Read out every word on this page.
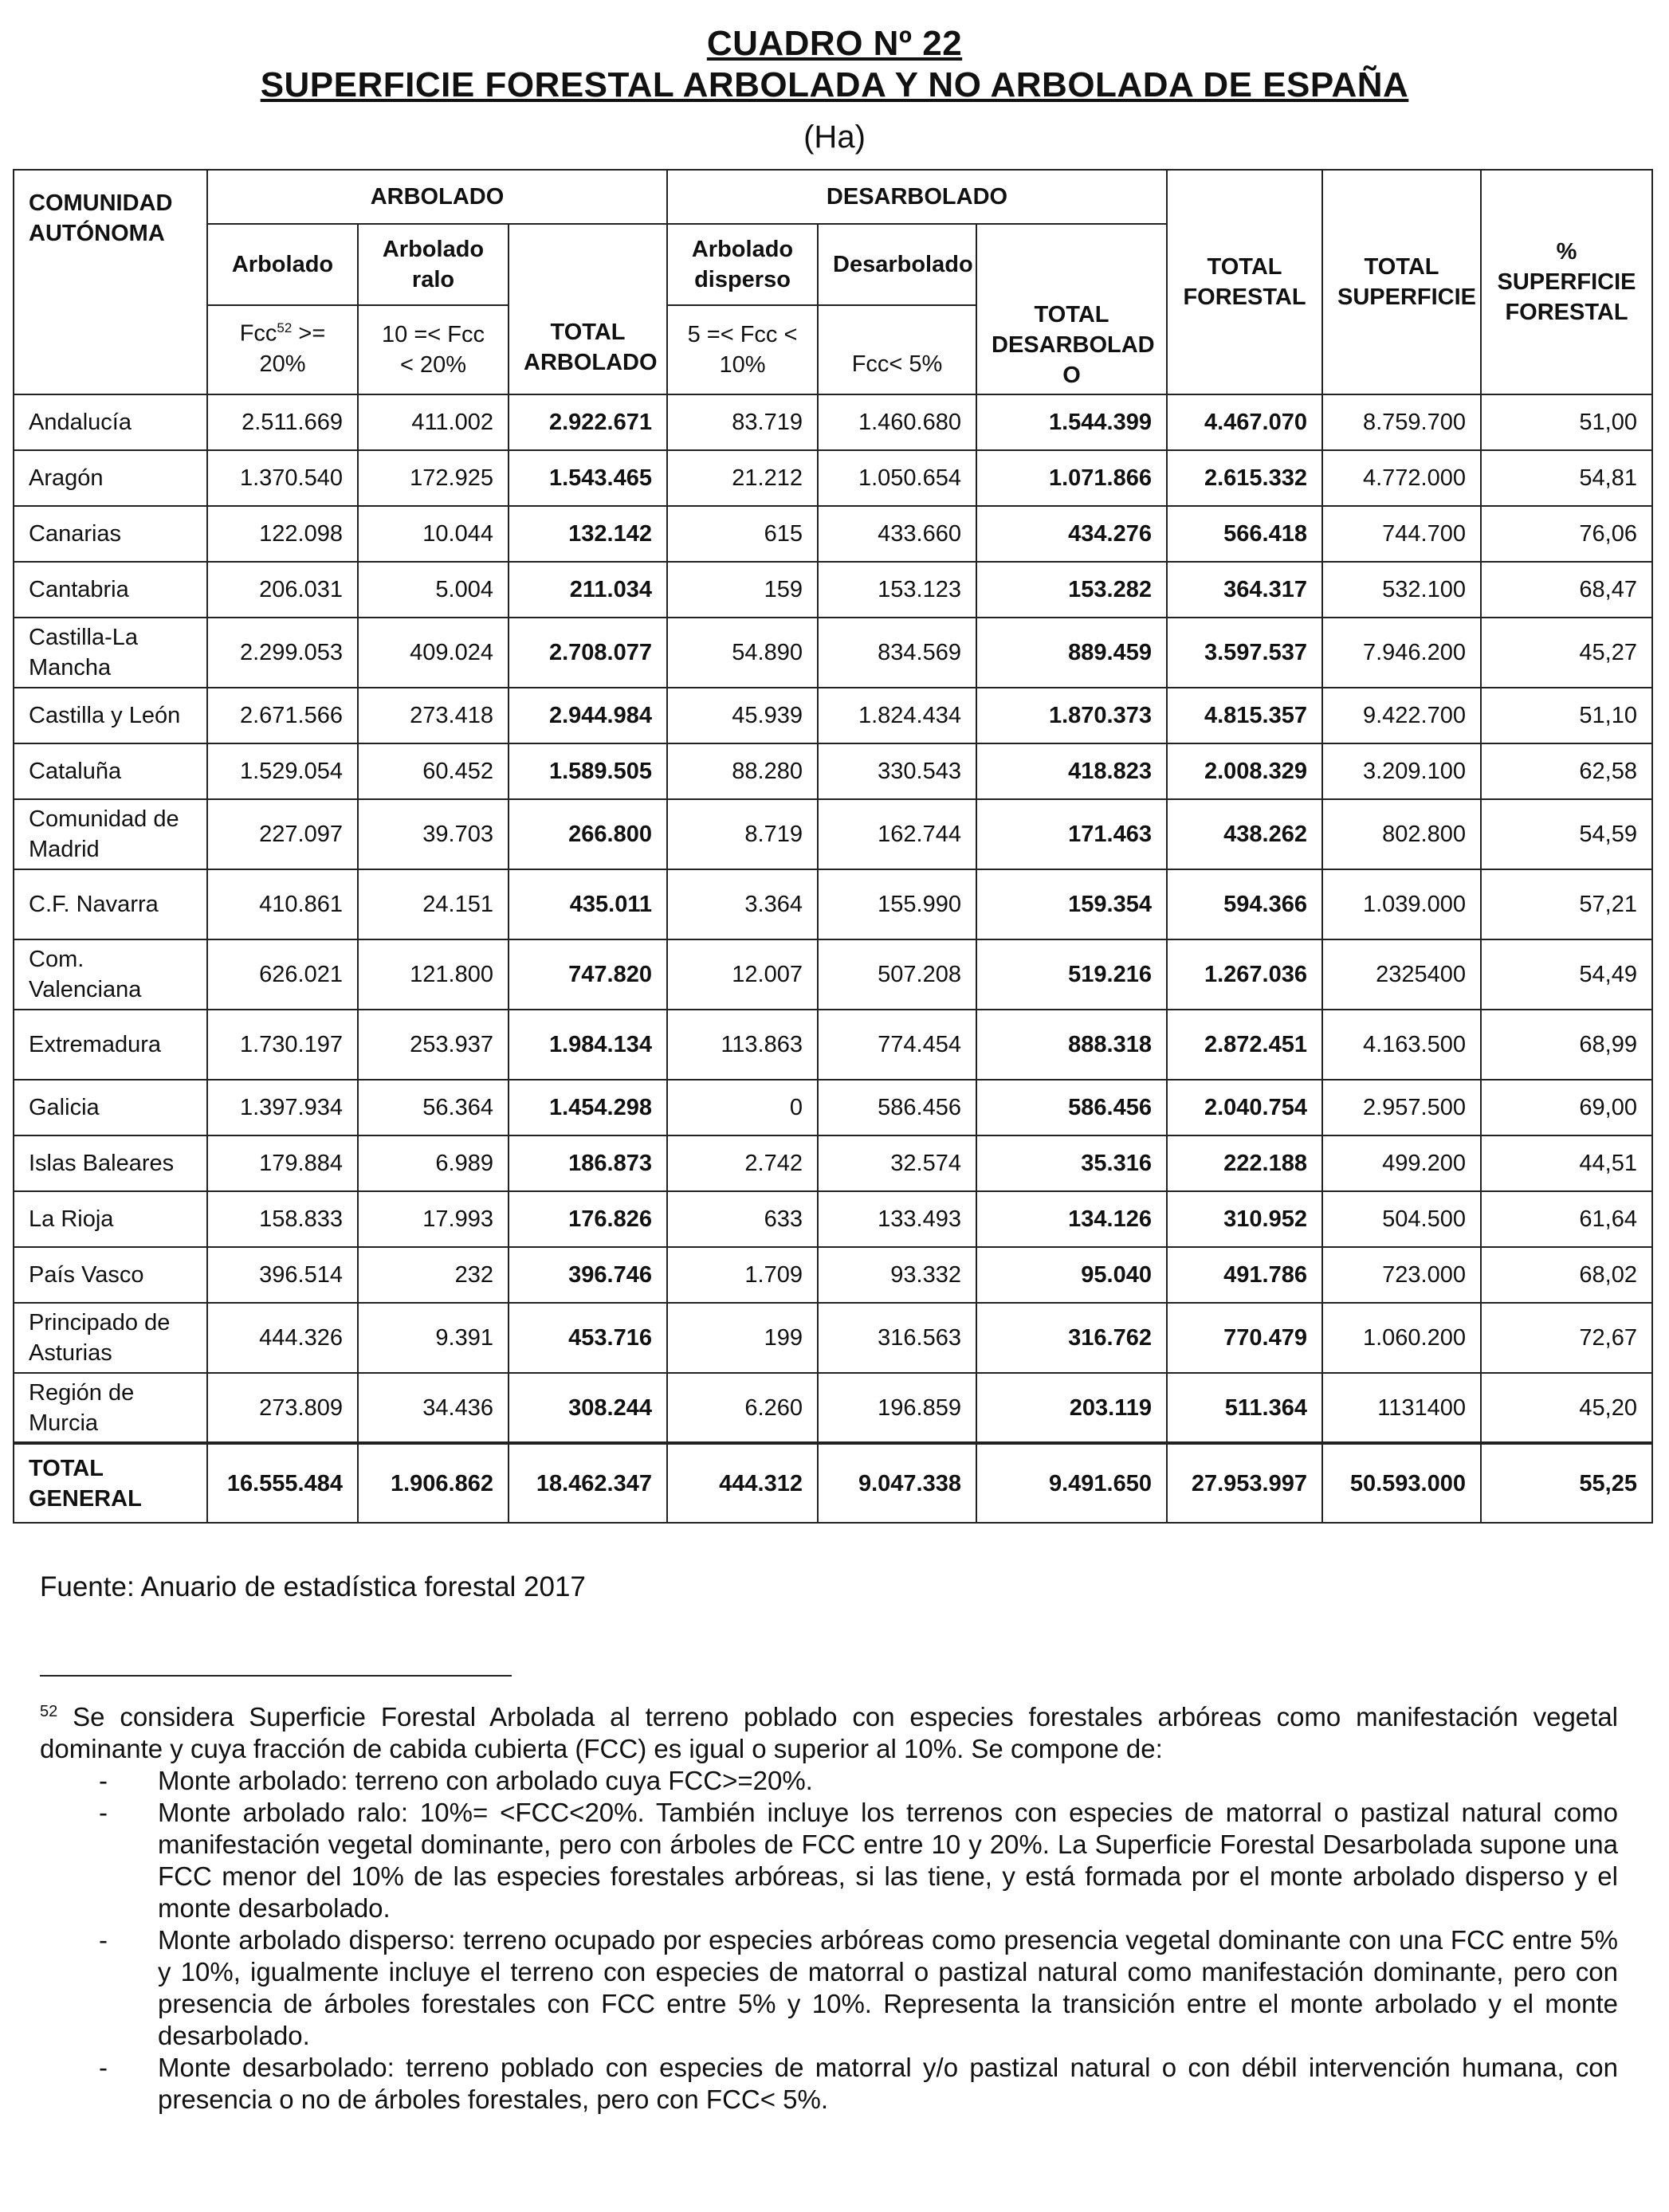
CUADRO Nº 22
SUPERFICIE FORESTAL ARBOLADA Y NO ARBOLADA DE ESPAÑA
(Ha)
COMUNIDAD AUTÓNOMA	ARBOLADO			DESARBOLADO			TOTAL FORESTAL	TOTAL SUPERFICIE	% SUPERFICIE FORESTAL
	Arbolado	Arbolado ralo	TOTAL ARBOLADO	Arbolado disperso	Desarbolado	TOTAL DESARBOLAD O			
	Fcc$^{52}$ >= 20%	10 =< Fcc < 20%		5 =< Fcc < 10%	Fcc< 5%				
Andalucía	2.511.669	411.002	2.922.671	83.719	1.460.680	1.544.399	4.467.070	8.759.700	51,00
Aragón	1.370.540	172.925	1.543.465	21.212	1.050.654	1.071.866	2.615.332	4.772.000	54,81
Canarias	122.098	10.044	132.142	615	433.660	434.276	566.418	744.700	76,06
Cantabria	206.031	5.004	211.034	159	153.123	153.282	364.317	532.100	68,47
Castilla-La Mancha	2.299.053	409.024	2.708.077	54.890	834.569	889.459	3.597.537	7.946.200	45,27
Castilla y León	2.671.566	273.418	2.944.984	45.939	1.824.434	1.870.373	4.815.357	9.422.700	51,10
Cataluña	1.529.054	60.452	1.589.505	88.280	330.543	418.823	2.008.329	3.209.100	62,58
Comunidad de Madrid	227.097	39.703	266.800	8.719	162.744	171.463	438.262	802.800	54,59
C.F. Navarra	410.861	24.151	435.011	3.364	155.990	159.354	594.366	1.039.000	57,21
Com. Valenciana	626.021	121.800	747.820	12.007	507.208	519.216	1.267.036	2325400	54,49
Extremadura	1.730.197	253.937	1.984.134	113.863	774.454	888.318	2.872.451	4.163.500	68,99
Galicia	1.397.934	56.364	1.454.298	0	586.456	586.456	2.040.754	2.957.500	69,00
Islas Baleares	179.884	6.989	186.873	2.742	32.574	35.316	222.188	499.200	44,51
La Rioja	158.833	17.993	176.826	633	133.493	134.126	310.952	504.500	61,64
País Vasco	396.514	232	396.746	1.709	93.332	95.040	491.786	723.000	68,02
Principado de Asturias	444.326	9.391	453.716	199	316.563	316.762	770.479	1.060.200	72,67
Región de Murcia	273.809	34.436	308.244	6.260	196.859	203.119	511.364	1131400	45,20
TOTAL GENERAL	16.555.484	1.906.862	18.462.347	444.312	9.047.338	9.491.650	27.953.997	50.593.000	55,25
Fuente: Anuario de estadística forestal 2017
$^{52}$ Se considera Superficie Forestal Arbolada al terreno poblado con especies forestales arbóreas como manifestación vegetal dominante y cuya fracción de cabida cubierta (FCC) es igual o superior al 10%. Se compone de:
- Monte arbolado: terreno con arbolado cuya FCC>=20%.
- Monte arbolado ralo: 10%= <FCC<20%. También incluye los terrenos con especies de matorral o pastizal natural como manifestación vegetal dominante, pero con árboles de FCC entre 10 y 20%. La Superficie Forestal Desarbolada supone una FCC menor del 10% de las especies forestales arbóreas, si las tiene, y está formada por el monte arbolado disperso y el monte desarbolado.
- Monte arbolado disperso: terreno ocupado por especies arbóreas como presencia vegetal dominante con una FCC entre 5% y 10%, igualmente incluye el terreno con especies de matorral o pastizal natural como manifestación dominante, pero con presencia de árboles forestales con FCC entre 5% y 10%. Representa la transición entre el monte arbolado y el monte desarbolado.
- Monte desarbolado: terreno poblado con especies de matorral y/o pastizal natural o con débil intervención humana, con presencia o no de árboles forestales, pero con FCC< 5%.
